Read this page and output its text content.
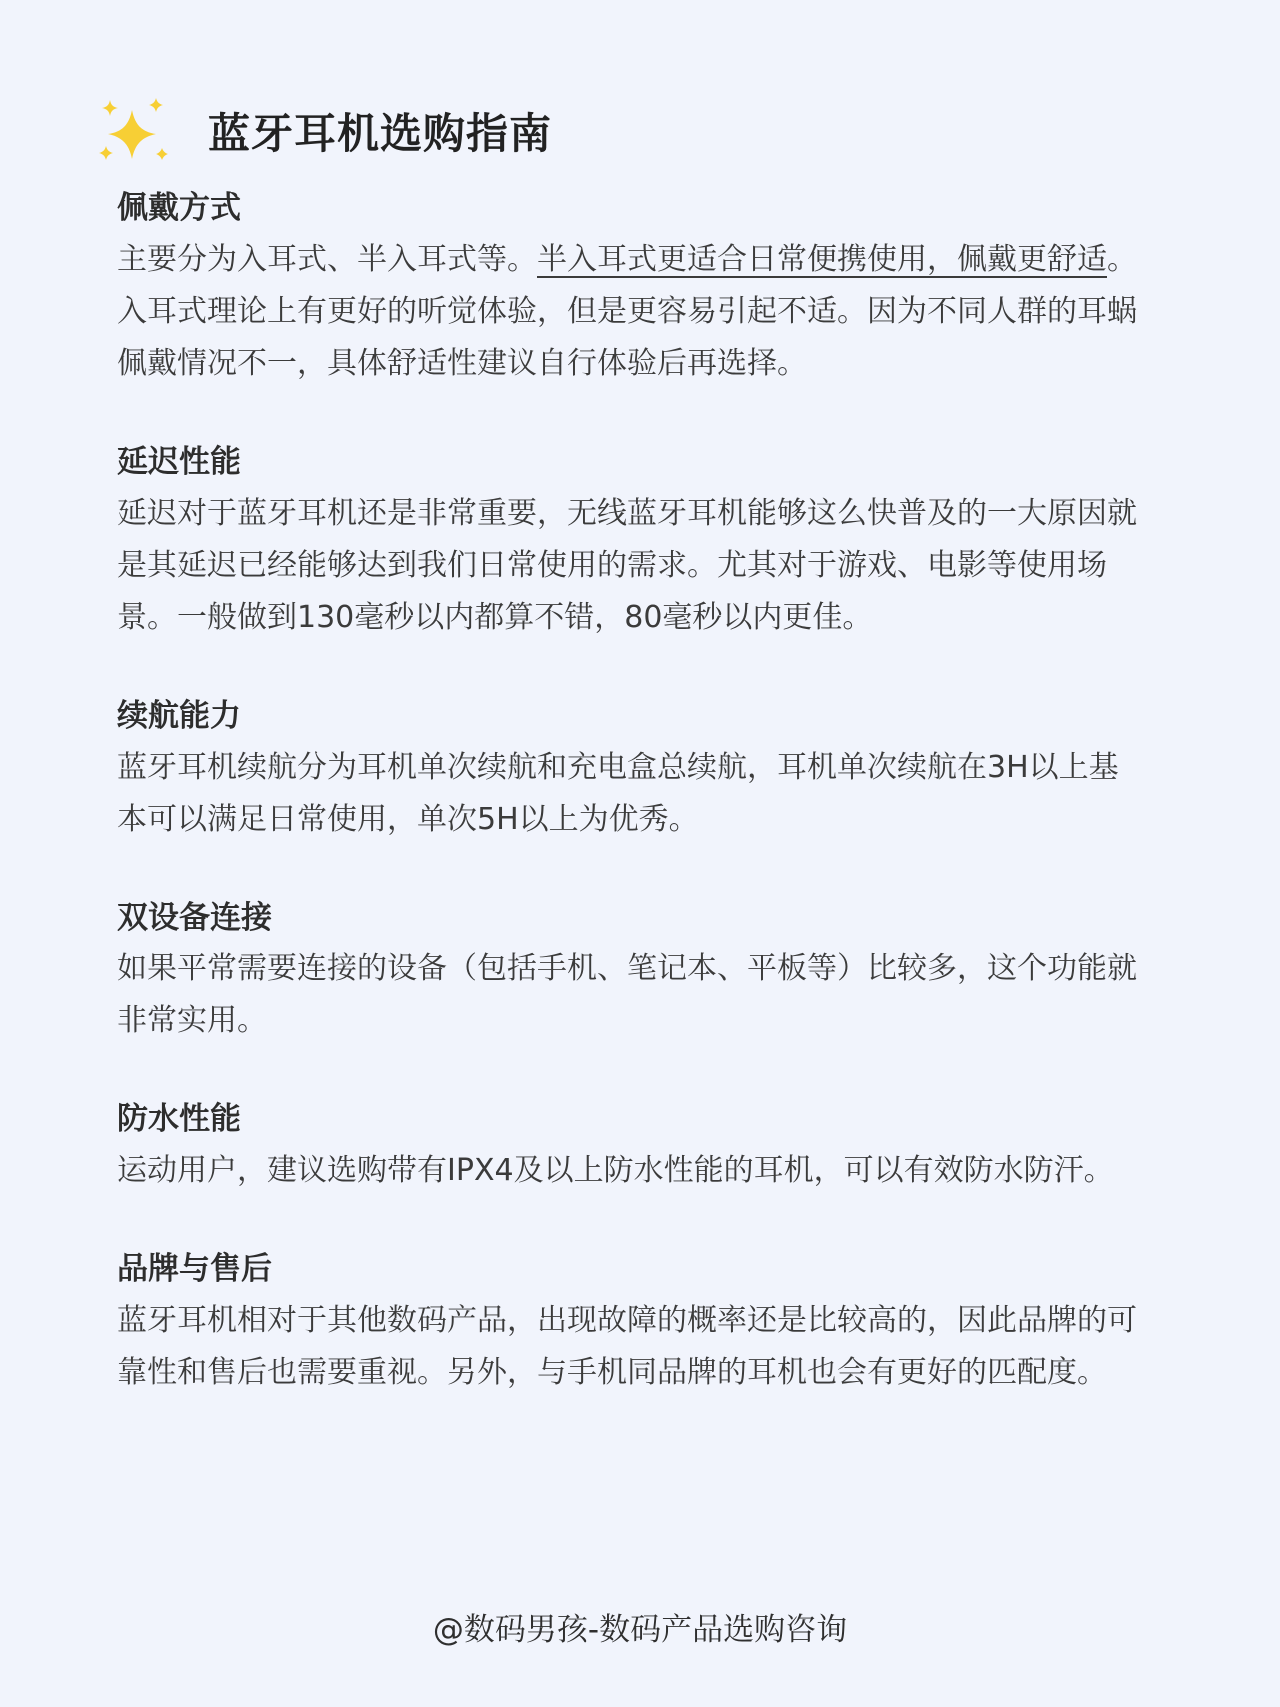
蓝牙耳机选购指南
佩戴方式

主要分为入耳式、半入耳式等。半入耳式更适合日常便携使用，佩戴更舒适。入耳式理论上有更好的听觉体验，但是更容易引起不适。因为不同人群的耳蜗佩戴情况不一，具体舒适性建议自行体验后再选择。

延迟性能

延迟对于蓝牙耳机还是非常重要，无线蓝牙耳机能够这么快普及的一大原因就是其延迟已经能够达到我们日常使用的需求。尤其对于游戏、电影等使用场景。一般做到130毫秒以内都算不错，80毫秒以内更佳。

续航能力

蓝牙耳机续航分为耳机单次续航和充电盒总续航，耳机单次续航在3H以上基本可以满足日常使用，单次5H以上为优秀。

双设备连接

如果平常需要连接的设备（包括手机、笔记本、平板等）比较多，这个功能就非常实用。

防水性能

运动用户，建议选购带有IPX4及以上防水性能的耳机，可以有效防水防汗。

品牌与售后

蓝牙耳机相对于其他数码产品，出现故障的概率还是比较高的，因此品牌的可靠性和售后也需要重视。另外，与手机同品牌的耳机也会有更好的匹配度。

@数码男孩-数码产品选购咨询
